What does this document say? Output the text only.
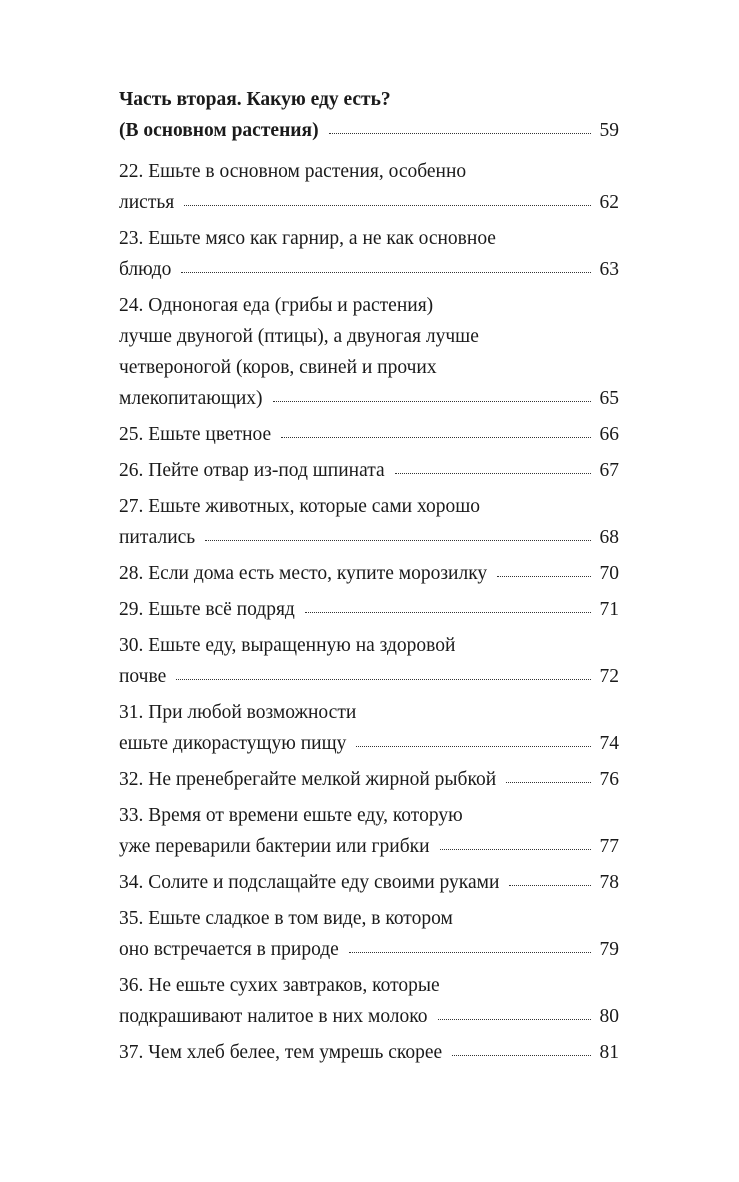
Часть вторая. Какую еду есть?
(В основном растения)	59
22. Ешьте в основном растения, особенно
листья	62
23. Ешьте мясо как гарнир, а не как основное
блюдо	63
24. Одноногая еда (грибы и растения)
лучше двуногой (птицы), а двуногая лучше
четвероногой (коров, свиней и прочих
млекопитающих)	65
25. Ешьте цветное	66
26. Пейте отвар из-под шпината	67
27. Ешьте животных, которые сами хорошо
питались	68
28. Если дома есть место, купите морозилку	70
29. Ешьте всё подряд	71
30. Ешьте еду, выращенную на здоровой
почве	72
31. При любой возможности
ешьте дикорастущую пищу	74
32. Не пренебрегайте мелкой жирной рыбкой	76
33. Время от времени ешьте еду, которую
уже переварили бактерии или грибки	77
34. Солите и подслащайте еду своими руками	78
35. Ешьте сладкое в том виде, в котором
оно встречается в природе	79
36. Не ешьте сухих завтраков, которые
подкрашивают налитое в них молоко	80
37. Чем хлеб белее, тем умрешь скорее	81
